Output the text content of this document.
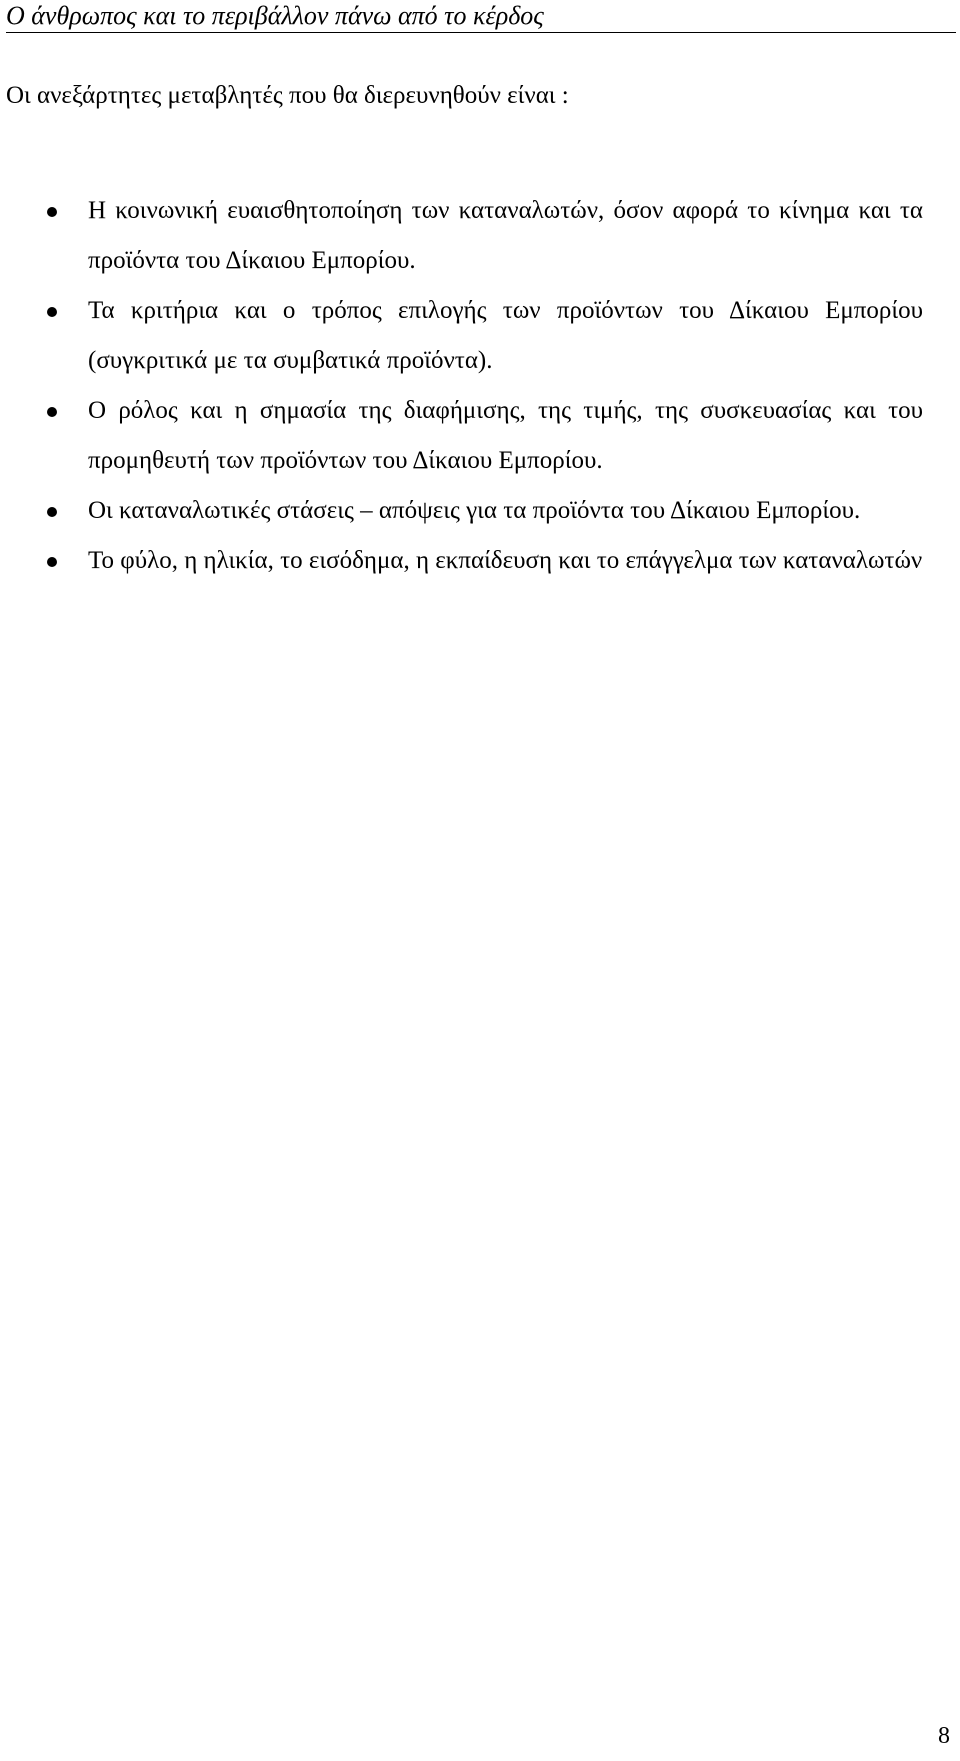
Ο άνθρωπος και το περιβάλλον πάνω από το κέρδος
Οι ανεξάρτητες μεταβλητές που θα διερευνηθούν είναι :
Η κοινωνική ευαισθητοποίηση των καταναλωτών, όσον αφορά το κίνημα και τα προϊόντα του Δίκαιου Εμπορίου.
Τα κριτήρια και ο τρόπος επιλογής των προϊόντων του Δίκαιου Εμπορίου (συγκριτικά με τα συμβατικά προϊόντα).
Ο ρόλος και η σημασία της διαφήμισης, της τιμής, της συσκευασίας και του προμηθευτή των προϊόντων του Δίκαιου Εμπορίου.
Οι καταναλωτικές στάσεις – απόψεις για τα προϊόντα του Δίκαιου Εμπορίου.
Το φύλο, η ηλικία, το εισόδημα, η εκπαίδευση και το επάγγελμα των καταναλωτών
8
